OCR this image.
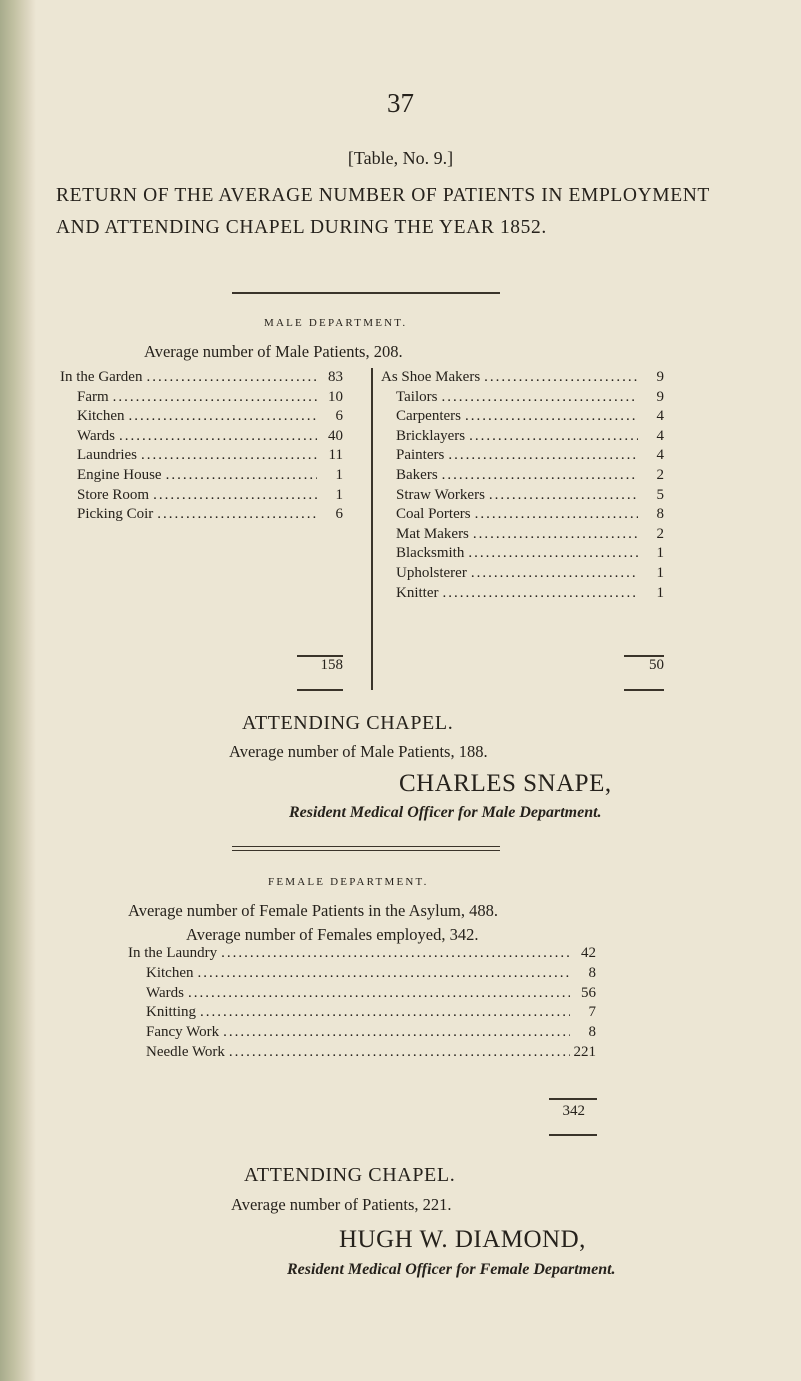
37
[Table, No. 9.]
RETURN OF THE AVERAGE NUMBER OF PATIENTS IN EMPLOYMENT AND ATTENDING CHAPEL DURING THE YEAR 1852.
MALE DEPARTMENT.
Average number of Male Patients, 208.
In the Garden .....	83
Farm .....	10
Kitchen .....	6
Wards .....	40
Laundries .....	11
Engine House .....	1
Store Room .....	1
Picking Coir .....	6
As Shoe Makers .....	9
Tailors .....	9
Carpenters .....	4
Bricklayers .....	4
Painters .....	4
Bakers .....	2
Straw Workers .....	5
Coal Porters .....	8
Mat Makers .....	2
Blacksmith .....	1
Upholsterer .....	1
Knitter .....	1
158	50
ATTENDING CHAPEL.
Average number of Male Patients, 188.
CHARLES SNAPE,
Resident Medical Officer for Male Department.
FEMALE DEPARTMENT.
Average number of Female Patients in the Asylum, 488.
Average number of Females employed, 342.
In the Laundry .....	42
Kitchen .....	8
Wards .....	56
Knitting .....	7
Fancy Work .....	8
Needle Work .....	221
342
ATTENDING CHAPEL.
Average number of Patients, 221.
HUGH W. DIAMOND,
Resident Medical Officer for Female Department.
